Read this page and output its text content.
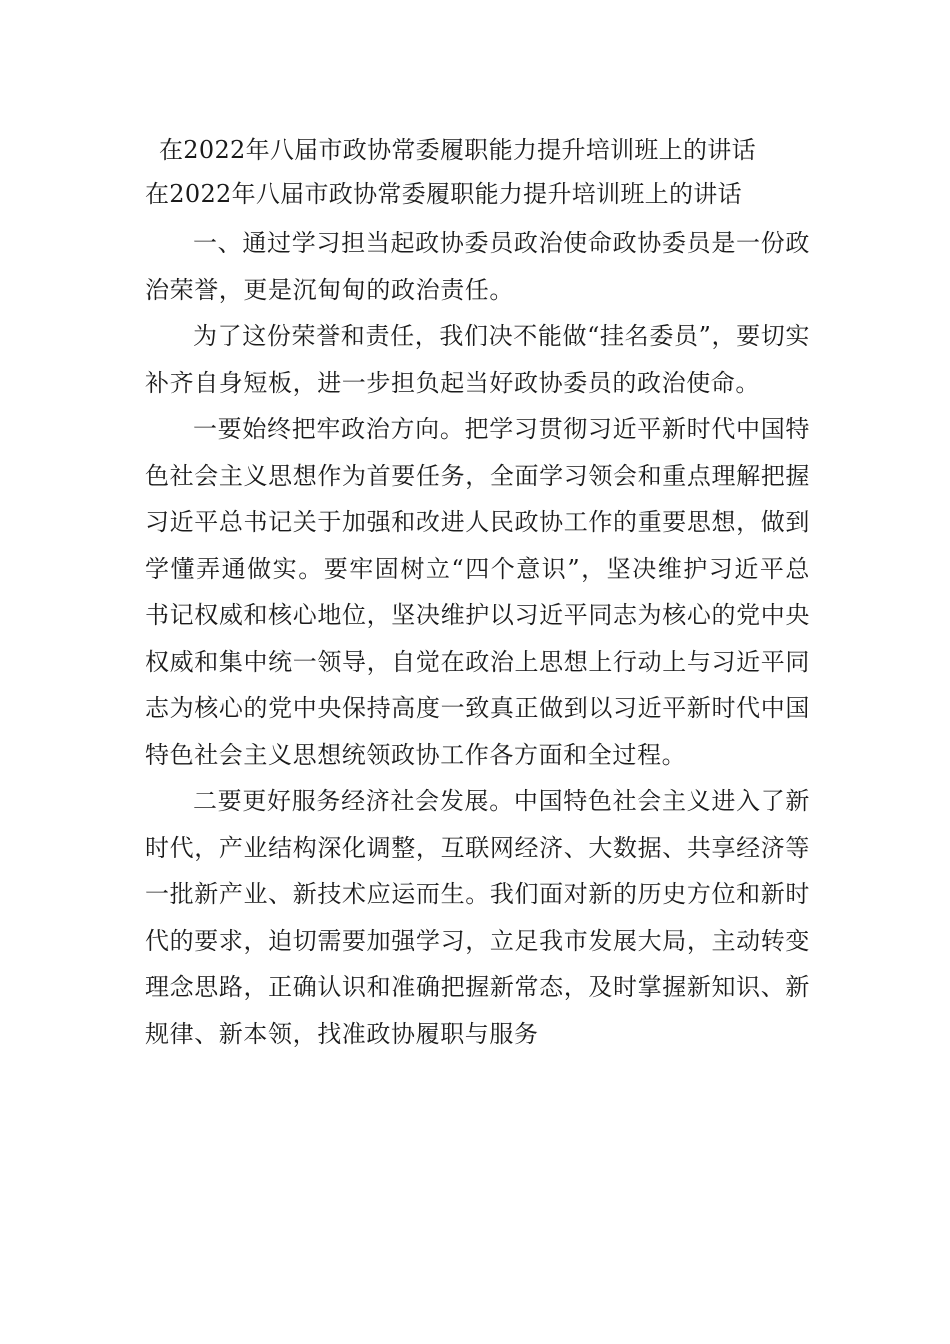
在2022年八届市政协常委履职能力提升培训班上的讲话
在2022年八届市政协常委履职能力提升培训班上的讲话

一、通过学习担当起政协委员政治使命政协委员是一份政治荣誉，更是沉甸甸的政治责任。

为了这份荣誉和责任，我们决不能做“挂名委员”，要切实补齐自身短板，进一步担负起当好政协委员的政治使命。

一要始终把牢政治方向。把学习贯彻习近平新时代中国特色社会主义思想作为首要任务，全面学习领会和重点理解把握习近平总书记关于加强和改进人民政协工作的重要思想，做到学懂弄通做实。要牢固树立“四个意识”，坚决维护习近平总书记权威和核心地位，坚决维护以习近平同志为核心的党中央权威和集中统一领导，自觉在政治上思想上行动上与习近平同志为核心的党中央保持高度一致真正做到以习近平新时代中国特色社会主义思想统领政协工作各方面和全过程。

二要更好服务经济社会发展。中国特色社会主义进入了新时代，产业结构深化调整，互联网经济、大数据、共享经济等一批新产业、新技术应运而生。我们面对新的历史方位和新时代的要求，迫切需要加强学习，立足我市发展大局，主动转变理念思路，正确认识和准确把握新常态，及时掌握新知识、新规律、新本领，找准政协履职与服务
